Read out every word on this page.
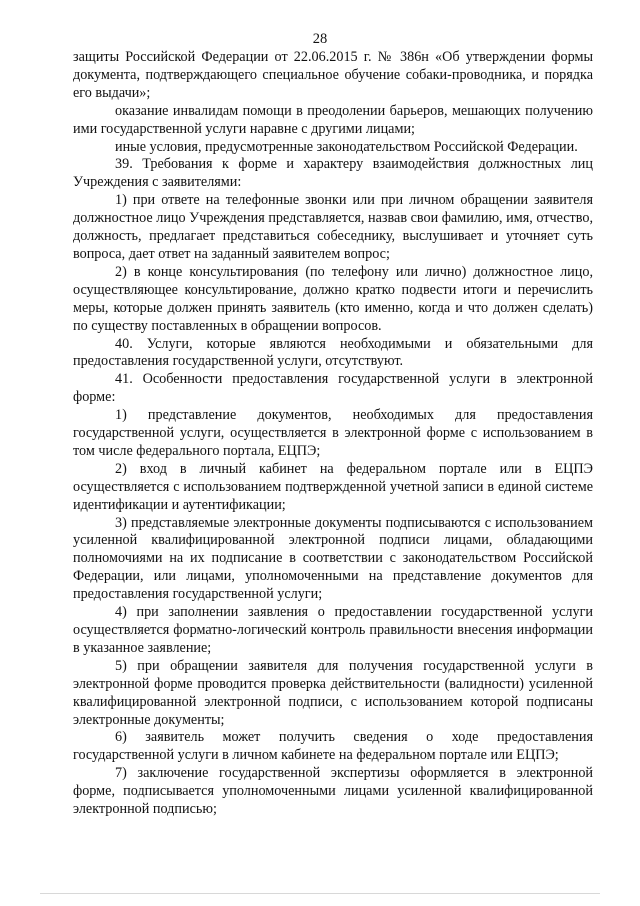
28

защиты Российской Федерации от 22.06.2015 г. № 386н «Об утверждении формы документа, подтверждающего специальное обучение собаки-проводника, и порядка его выдачи»;

оказание инвалидам помощи в преодолении барьеров, мешающих получению ими государственной услуги наравне с другими лицами;

иные условия, предусмотренные законодательством Российской Федерации.

39. Требования к форме и характеру взаимодействия должностных лиц Учреждения с заявителями:

1) при ответе на телефонные звонки или при личном обращении заявителя должностное лицо Учреждения представляется, назвав свои фамилию, имя, отчество, должность, предлагает представиться собеседнику, выслушивает и уточняет суть вопроса, дает ответ на заданный заявителем вопрос;

2) в конце консультирования (по телефону или лично) должностное лицо, осуществляющее консультирование, должно кратко подвести итоги и перечислить меры, которые должен принять заявитель (кто именно, когда и что должен сделать) по существу поставленных в обращении вопросов.

40. Услуги, которые являются необходимыми и обязательными для предоставления государственной услуги, отсутствуют.

41. Особенности предоставления государственной услуги в электронной форме:

1) представление документов, необходимых для предоставления государственной услуги, осуществляется в электронной форме с использованием в том числе федерального портала, ЕЦПЭ;

2) вход в личный кабинет на федеральном портале или в ЕЦПЭ осуществляется с использованием подтвержденной учетной записи в единой системе идентификации и аутентификации;

3) представляемые электронные документы подписываются с использованием усиленной квалифицированной электронной подписи лицами, обладающими полномочиями на их подписание в соответствии с законодательством Российской Федерации, или лицами, уполномоченными на представление документов для предоставления государственной услуги;

4) при заполнении заявления о предоставлении государственной услуги осуществляется форматно-логический контроль правильности внесения информации в указанное заявление;

5) при обращении заявителя для получения государственной услуги в электронной форме проводится проверка действительности (валидности) усиленной квалифицированной электронной подписи, с использованием которой подписаны электронные документы;

6) заявитель может получить сведения о ходе предоставления государственной услуги в личном кабинете на федеральном портале или ЕЦПЭ;

7) заключение государственной экспертизы оформляется в электронной форме, подписывается уполномоченными лицами усиленной квалифицированной электронной подписью;
